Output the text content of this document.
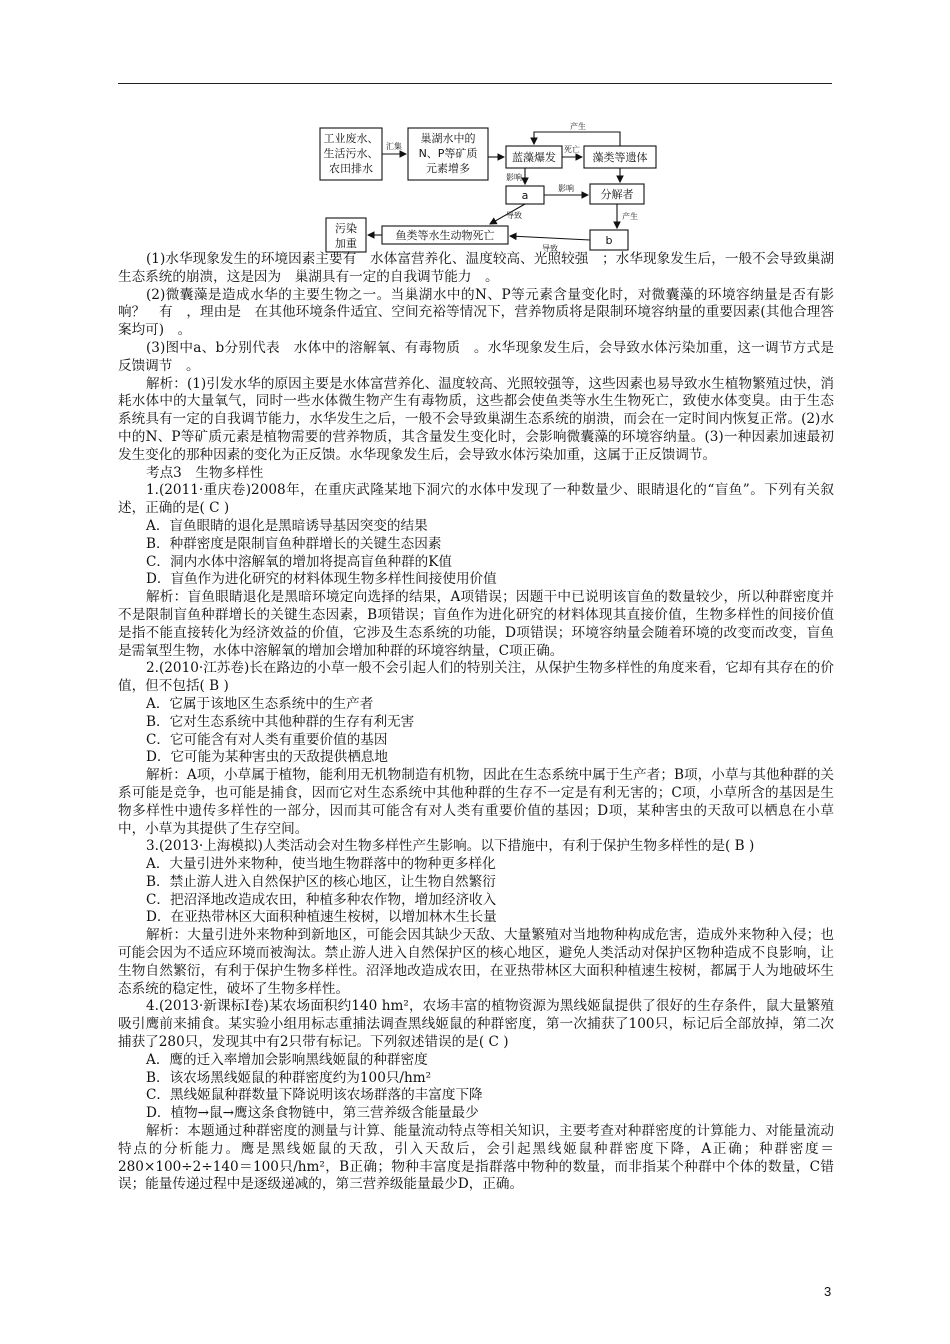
工业废水、
生活污水、
农田排水
汇集
巢湖水中的
N、P等矿质
元素增多
蓝藻爆发
产生
死亡
藻类等遗体
影响
a
影响 分解者
导致	产生
b
污染
加重
鱼类等水生动物死亡
导致

(1)水华现象发生的环境因素主要有　水体富营养化、温度较高、光照较强　；水华现象发生后，一般不会导致巢湖生态系统的崩溃，这是因为　巢湖具有一定的自我调节能力　。

(2)微囊藻是造成水华的主要生物之一。当巢湖水中的N、P等元素含量变化时，对微囊藻的环境容纳量是否有影响？　有　，理由是　在其他环境条件适宜、空间充裕等情况下，营养物质将是限制环境容纳量的重要因素(其他合理答案均可)　。

(3)图中a、b分别代表　水体中的溶解氧、有毒物质　。水华现象发生后，会导致水体污染加重，这一调节方式是　反馈调节　。

解析：(1)引发水华的原因主要是水体富营养化、温度较高、光照较强等，这些因素也易导致水生植物繁殖过快，消耗水体中的大量氧气，同时一些水体微生物产生有毒物质，这些都会使鱼类等水生生物死亡，致使水体变臭。由于生态系统具有一定的自我调节能力，水华发生之后，一般不会导致巢湖生态系统的崩溃，而会在一定时间内恢复正常。(2)水中的N、P等矿质元素是植物需要的营养物质，其含量发生变化时，会影响微囊藻的环境容纳量。(3)一种因素加速最初发生变化的那种因素的变化为正反馈。水华现象发生后，会导致水体污染加重，这属于正反馈调节。

考点3　生物多样性

1.(2011·重庆卷)2008年，在重庆武隆某地下洞穴的水体中发现了一种数量少、眼睛退化的“盲鱼”。下列有关叙述，正确的是( C )

A．盲鱼眼睛的退化是黑暗诱导基因突变的结果

B．种群密度是限制盲鱼种群增长的关键生态因素

C．洞内水体中溶解氧的增加将提高盲鱼种群的K值

D．盲鱼作为进化研究的材料体现生物多样性间接使用价值

解析：盲鱼眼睛退化是黑暗环境定向选择的结果，A项错误；因题干中已说明该盲鱼的数量较少，所以种群密度并不是限制盲鱼种群增长的关键生态因素，B项错误；盲鱼作为进化研究的材料体现其直接价值，生物多样性的间接价值是指不能直接转化为经济效益的价值，它涉及生态系统的功能，D项错误；环境容纳量会随着环境的改变而改变，盲鱼是需氧型生物，水体中溶解氧的增加会增加种群的环境容纳量，C项正确。

2.(2010·江苏卷)长在路边的小草一般不会引起人们的特别关注，从保护生物多样性的角度来看，它却有其存在的价值，但不包括( B )

A．它属于该地区生态系统中的生产者

B．它对生态系统中其他种群的生存有利无害

C．它可能含有对人类有重要价值的基因

D．它可能为某种害虫的天敌提供栖息地

解析：A项，小草属于植物，能利用无机物制造有机物，因此在生态系统中属于生产者；B项，小草与其他种群的关系可能是竞争，也可能是捕食，因而它对生态系统中其他种群的生存不一定是有利无害的；C项，小草所含的基因是生物多样性中遗传多样性的一部分，因而其可能含有对人类有重要价值的基因；D项，某种害虫的天敌可以栖息在小草中，小草为其提供了生存空间。

3.(2013·上海模拟)人类活动会对生物多样性产生影响。以下措施中，有利于保护生物多样性的是( B )

A．大量引进外来物种，使当地生物群落中的物种更多样化

B．禁止游人进入自然保护区的核心地区，让生物自然繁衍

C．把沼泽地改造成农田，种植多种农作物，增加经济收入

D．在亚热带林区大面积种植速生桉树，以增加林木生长量

解析：大量引进外来物种到新地区，可能会因其缺少天敌、大量繁殖对当地物种构成危害，造成外来物种入侵；也可能会因为不适应环境而被淘汰。禁止游人进入自然保护区的核心地区，避免人类活动对保护区物种造成不良影响，让生物自然繁衍，有利于保护生物多样性。沼泽地改造成农田，在亚热带林区大面积种植速生桉树，都属于人为地破坏生态系统的稳定性，破坏了生物多样性。

4.(2013·新课标Ⅰ卷)某农场面积约140 hm²，农场丰富的植物资源为黑线姬鼠提供了很好的生存条件，鼠大量繁殖吸引鹰前来捕食。某实验小组用标志重捕法调查黑线姬鼠的种群密度，第一次捕获了100只，标记后全部放掉，第二次捕获了280只，发现其中有2只带有标记。下列叙述错误的是( C )

A．鹰的迁入率增加会影响黑线姬鼠的种群密度

B．该农场黑线姬鼠的种群密度约为100只/hm²

C．黑线姬鼠种群数量下降说明该农场群落的丰富度下降

D．植物→鼠→鹰这条食物链中，第三营养级含能量最少

解析：本题通过种群密度的测量与计算、能量流动特点等相关知识，主要考查对种群密度的计算能力、对能量流动特点的分析能力。鹰是黑线姬鼠的天敌，引入天敌后，会引起黑线姬鼠种群密度下降，A正确；种群密度＝280×100÷2÷140＝100只/hm²，B正确；物种丰富度是指群落中物种的数量，而非指某个种群中个体的数量，C错误；能量传递过程中是逐级递减的，第三营养级能量最少D，正确。

3
